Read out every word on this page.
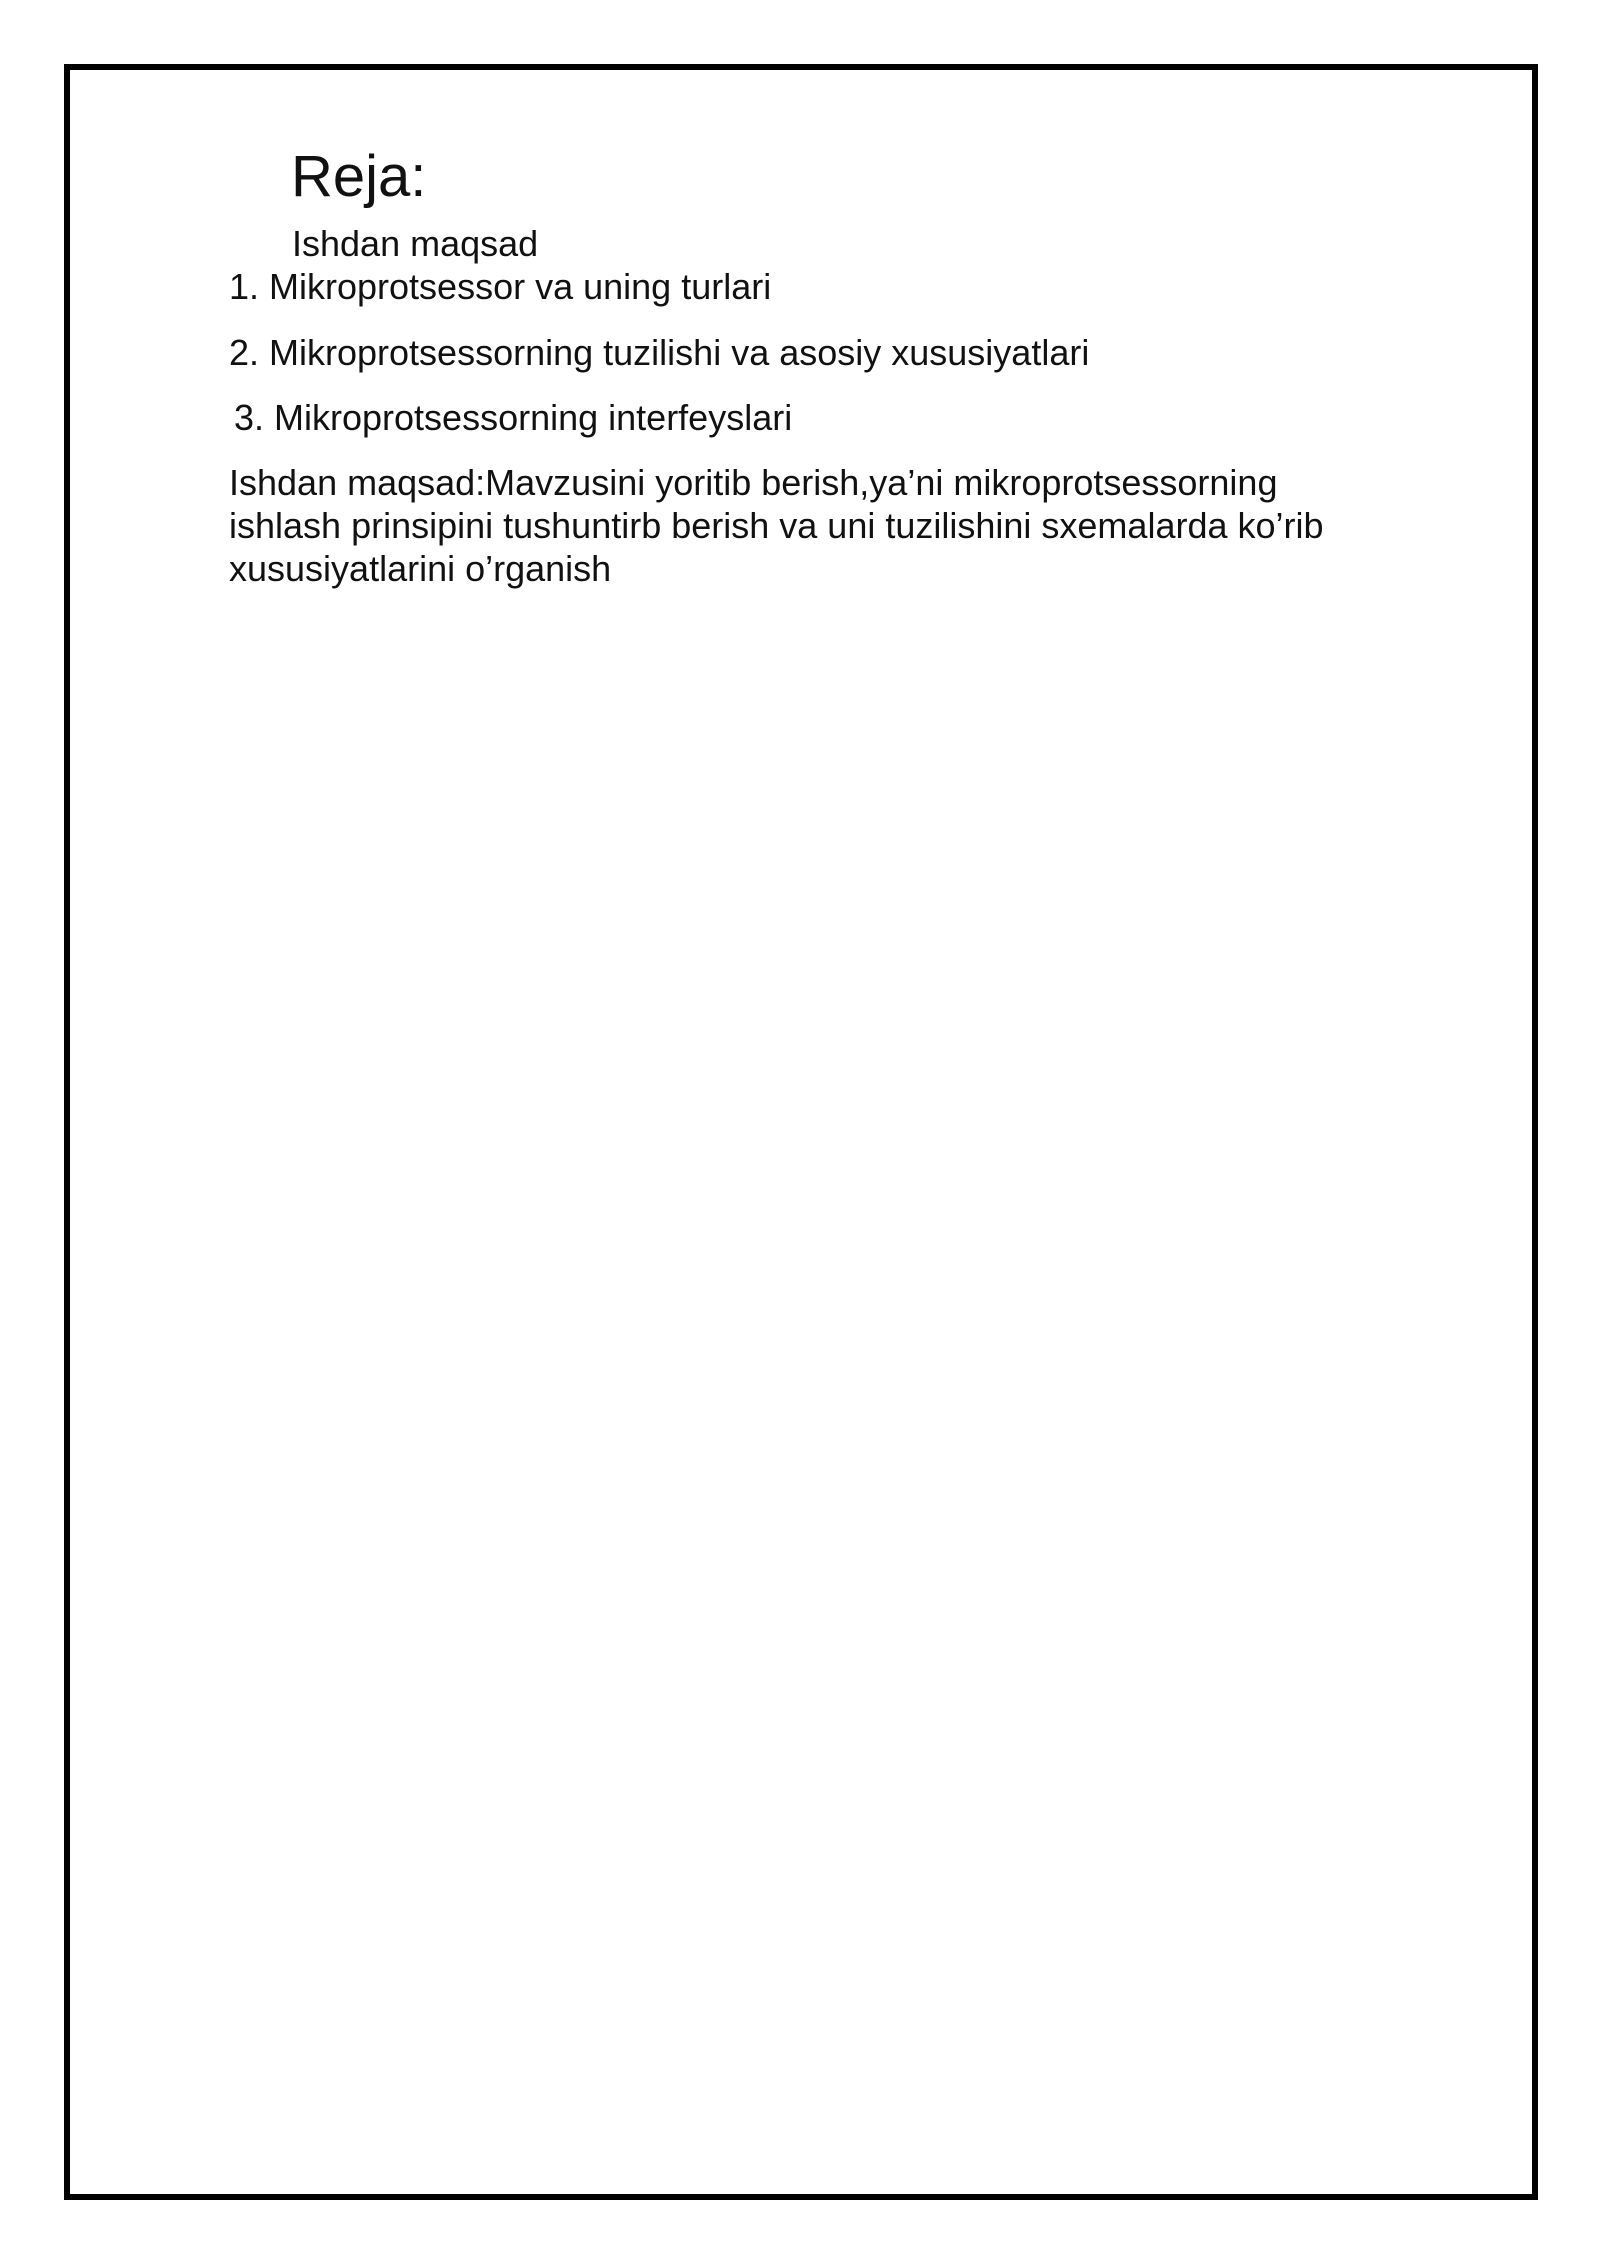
Reja:
Ishdan maqsad
1. Mikroprotsessor va uning turlari
2. Mikroprotsessorning tuzilishi va asosiy xususiyatlari
3. Mikroprotsessorning interfeyslari
Ishdan maqsad:Mavzusini yoritib berish,ya’ni mikroprotsessorning
ishlash prinsipini tushuntirb berish va uni tuzilishini sxemalarda ko’rib
xususiyatlarini o’rganish
